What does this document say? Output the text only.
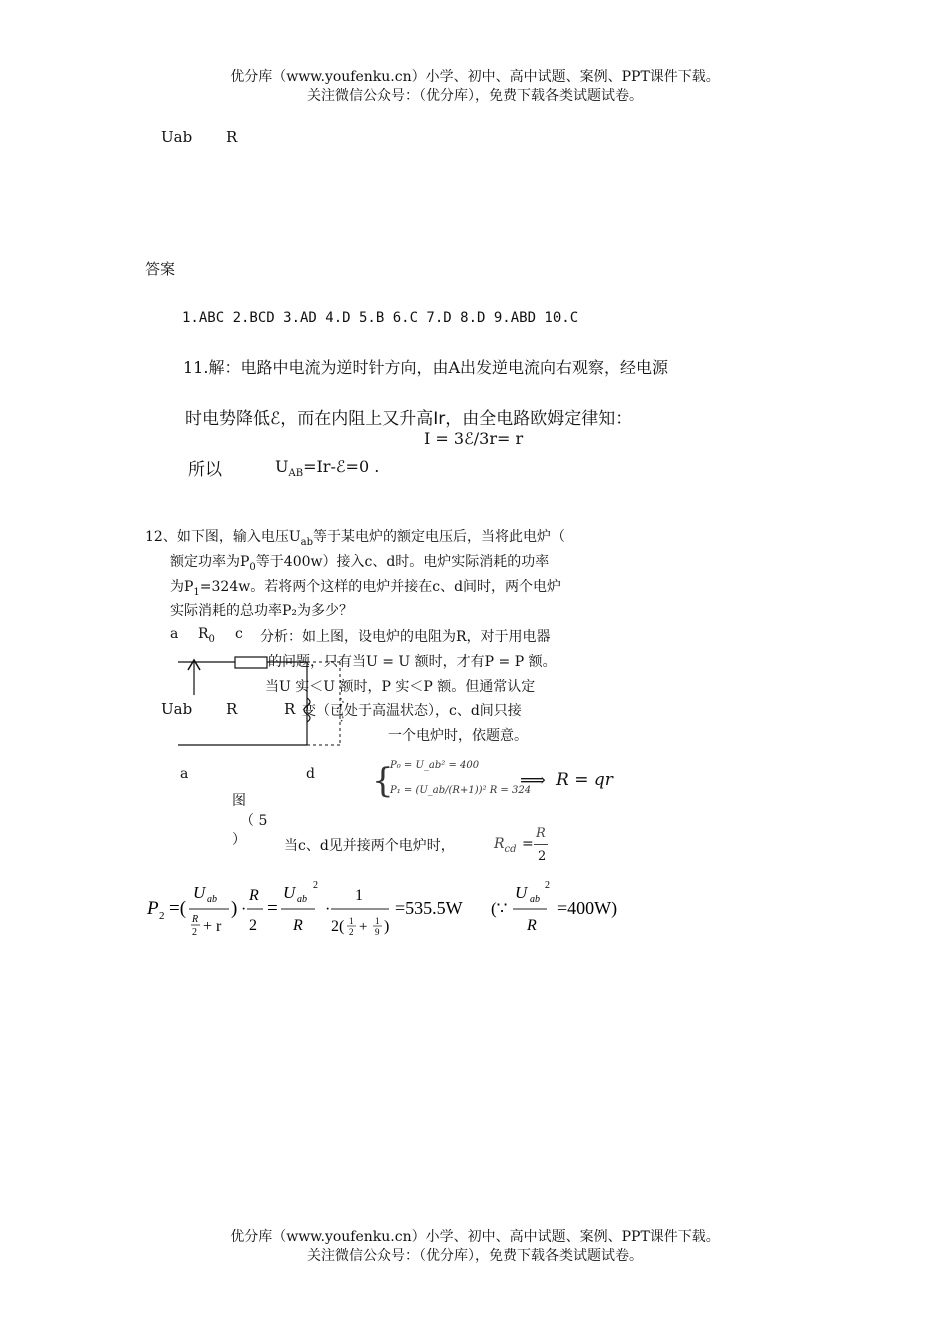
优分库（www.youfenku.cn）小学、初中、高中试题、案例、PPT课件下载。
关注微信公众号：（优分库），免费下载各类试题试卷。
Uab R
答案
1.ABC 2.BCD 3.AD 4.D 5.B 6.C 7.D 8.D 9.ABD 10.C
11.解：电路中电流为逆时针方向，由A出发逆电流向右观察，经电源
时电势降低ℰ，而在内阻上又升高Ir，由全电路欧姆定律知：
I = 3ℰ/3r= r
所以	$U_{AB}=Ir-ℰ=0$ .
12、如下图，输入电压$U_{ab}$等于某电炉的额定电压后，当将此电炉（
额定功率为$P_0$等于400w）接入c、d时。电炉实际消耗的功率
为$P_1=324w$。若将两个这样的电炉并接在c、d间时，两个电炉
实际消耗的总功率P₂为多少？
a $R_0$ c
Uab R	R
a	d
图
（ 5
）
分析：如上图，设电炉的电阻为R，对于用电器
的问题，只有当U = U 额时，才有P = P 额。
当U 实＜U 额时，P 实＜P 额。但通常认定
变（已处于高温状态），c、d间只接
一个电炉时，依题意。
{
P₀ = U_ab² = 400
P₁ = (U_ab/(R+1))² R = 324
⟹ R = qr
当c、d见并接两个电炉时，	$R_{cd}$ =
R
2
P 2 =(
U ab
R
2 + r
) ·
R
2
=
U ab
2
R
·
1
2( 1
2 + 1
9 )
=535.5W (∵
U ab
2
R
=400W)
优分库（www.youfenku.cn）小学、初中、高中试题、案例、PPT课件下载。
关注微信公众号：（优分库），免费下载各类试题试卷。
